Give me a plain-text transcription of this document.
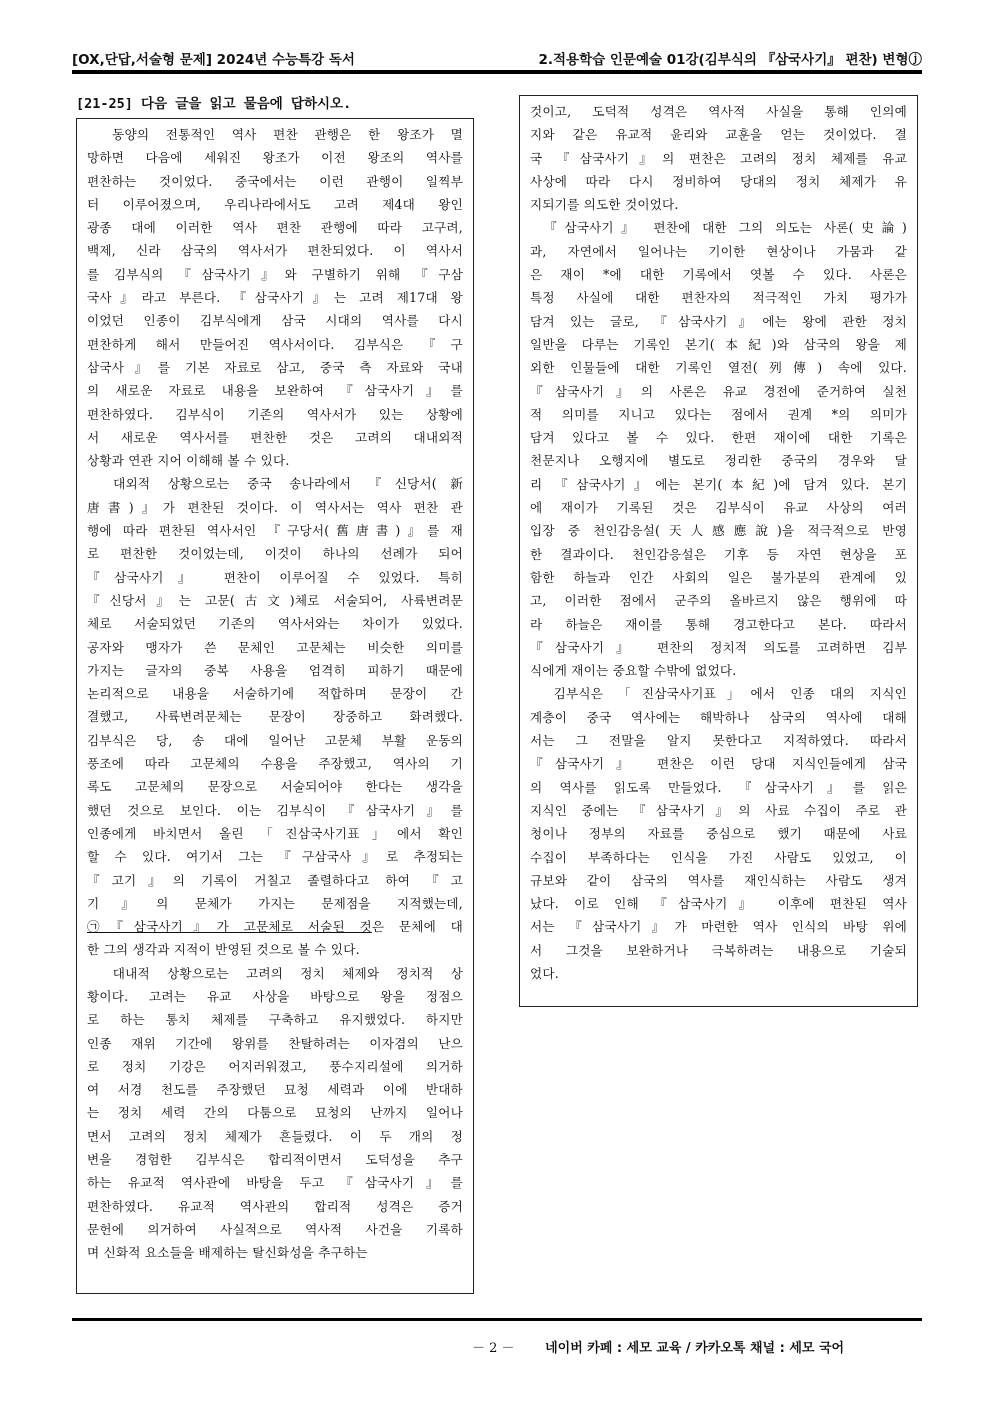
[OX,단답,서술형 문제] 2024년 수능특강 독서	2.적용학습 인문예술 01강(김부식의 『삼국사기』 편찬) 변형ⓙ
[21-25] 다음 글을 읽고 물음에 답하시오.
　동양의 전통적인 역사 편찬 관행은 한 왕조가 멸
망하면 다음에 세워진 왕조가 이전 왕조의 역사를
편찬하는 것이었다. 중국에서는 이런 관행이 일찍부
터 이루어졌으며, 우리나라에서도 고려 제4대 왕인
광종 대에 이러한 역사 편찬 관행에 따라 고구려,
백제, 신라 삼국의 역사서가 편찬되었다. 이 역사서
를 김부식의 『삼국사기』와 구별하기 위해 『구삼
국사』라고 부른다. 『삼국사기』는 고려 제17대 왕
이었던 인종이 김부식에게 삼국 시대의 역사를 다시
편찬하게 해서 만들어진 역사서이다. 김부식은 『구
삼국사』를 기본 자료로 삼고, 중국 측 자료와 국내
의 새로운 자료로 내용을 보완하여 『삼국사기』를
편찬하였다. 김부식이 기존의 역사서가 있는 상황에
서 새로운 역사서를 편찬한 것은 고려의 대내외적
상황과 연관 지어 이해해 볼 수 있다.
　대외적 상황으로는 중국 송나라에서 『신당서(新
唐書)』가 편찬된 것이다. 이 역사서는 역사 편찬 관
행에 따라 편찬된 역사서인 『구당서(舊唐書)』를 재
로 편찬한 것이었는데, 이것이 하나의 선례가 되어
『삼국사기』 편찬이 이루어질 수 있었다. 특히
『신당서』는 고문(古文)체로 서술되어, 사륙변려문
체로 서술되었던 기존의 역사서와는 차이가 있었다.
공자와 맹자가 쓴 문체인 고문체는 비슷한 의미를
가지는 글자의 중복 사용을 엄격히 피하기 때문에
논리적으로 내용을 서술하기에 적합하며 문장이 간
결했고, 사륙변려문체는 문장이 장중하고 화려했다.
김부식은 당, 송 대에 일어난 고문체 부활 운동의
풍조에 따라 고문체의 수용을 주장했고, 역사의 기
록도 고문체의 문장으로 서술되어야 한다는 생각을
했던 것으로 보인다. 이는 김부식이 『삼국사기』를
인종에게 바치면서 올린 「진삼국사기표」에서 확인
할 수 있다. 여기서 그는 『구삼국사』로 추정되는
『고기』의 기록이 거칠고 졸렬하다고 하여 『고
기』의 문체가 가지는 문제점을 지적했는데,
㉠『삼국사기』가 고문체로 서술된 것은 문체에 대
한 그의 생각과 지적이 반영된 것으로 볼 수 있다.
　대내적 상황으로는 고려의 정치 체제와 정치적 상
황이다. 고려는 유교 사상을 바탕으로 왕을 정점으
로 하는 통치 체제를 구축하고 유지했었다. 하지만
인종 재위 기간에 왕위를 찬탈하려는 이자겸의 난으
로 정치 기강은 어지러워졌고, 풍수지리설에 의거하
여 서경 천도를 주장했던 묘청 세력과 이에 반대하
는 정치 세력 간의 다툼으로 묘청의 난까지 일어나
면서 고려의 정치 체제가 흔들렸다. 이 두 개의 정
변을 경험한 김부식은 합리적이면서 도덕성을 추구
하는 유교적 역사관에 바탕을 두고 『삼국사기』를
편찬하였다. 유교적 역사관의 합리적 성격은 증거
문헌에 의거하여 사실적으로 역사적 사건을 기록하
며 신화적 요소들을 배제하는 탈신화성을 추구하는
것이고, 도덕적 성격은 역사적 사실을 통해 인의예
지와 같은 유교적 윤리와 교훈을 얻는 것이었다. 결
국 『삼국사기』의 편찬은 고려의 정치 체제를 유교
사상에 따라 다시 정비하여 당대의 정치 체제가 유
지되기를 의도한 것이었다.
　『삼국사기』 편찬에 대한 그의 의도는 사론(史論)
과, 자연에서 일어나는 기이한 현상이나 가뭄과 같
은 재이 *에 대한 기록에서 엿볼 수 있다. 사론은
특정 사실에 대한 편찬자의 적극적인 가치 평가가
담겨 있는 글로, 『삼국사기』에는 왕에 관한 정치
일반을 다루는 기록인 본기(本紀)와 삼국의 왕을 제
외한 인물들에 대한 기록인 열전(列傳) 속에 있다.
『삼국사기』의 사론은 유교 경전에 준거하여 실천
적 의미를 지니고 있다는 점에서 권계 *의 의미가
담겨 있다고 볼 수 있다. 한편 재이에 대한 기록은
천문지나 오행지에 별도로 정리한 중국의 경우와 달
리 『삼국사기』에는 본기(本紀)에 담겨 있다. 본기
에 재이가 기록된 것은 김부식이 유교 사상의 여러
입장 중 천인감응설(天人感應說)을 적극적으로 반영
한 결과이다. 천인감응설은 기후 등 자연 현상을 포
함한 하늘과 인간 사회의 일은 불가분의 관계에 있
고, 이러한 점에서 군주의 올바르지 않은 행위에 따
라 하늘은 재이를 통해 경고한다고 본다. 따라서
『삼국사기』 편찬의 정치적 의도를 고려하면 김부
식에게 재이는 중요할 수밖에 없었다.
　김부식은 「진삼국사기표」에서 인종 대의 지식인
계층이 중국 역사에는 해박하나 삼국의 역사에 대해
서는 그 전말을 알지 못한다고 지적하였다. 따라서
『삼국사기』 편찬은 이런 당대 지식인들에게 삼국
의 역사를 읽도록 만들었다. 『삼국사기』를 읽은
지식인 중에는 『삼국사기』의 사료 수집이 주로 관
청이나 정부의 자료를 중심으로 했기 때문에 사료
수집이 부족하다는 인식을 가진 사람도 있었고, 이
규보와 같이 삼국의 역사를 재인식하는 사람도 생겨
났다. 이로 인해 『삼국사기』 이후에 편찬된 역사
서는 『삼국사기』가 마련한 역사 인식의 바탕 위에
서 그것을 보완하거나 극복하려는 내용으로 기술되
었다.
－ 2 － 네이버 카페 : 세모 교육 / 카카오톡 채널 : 세모 국어
